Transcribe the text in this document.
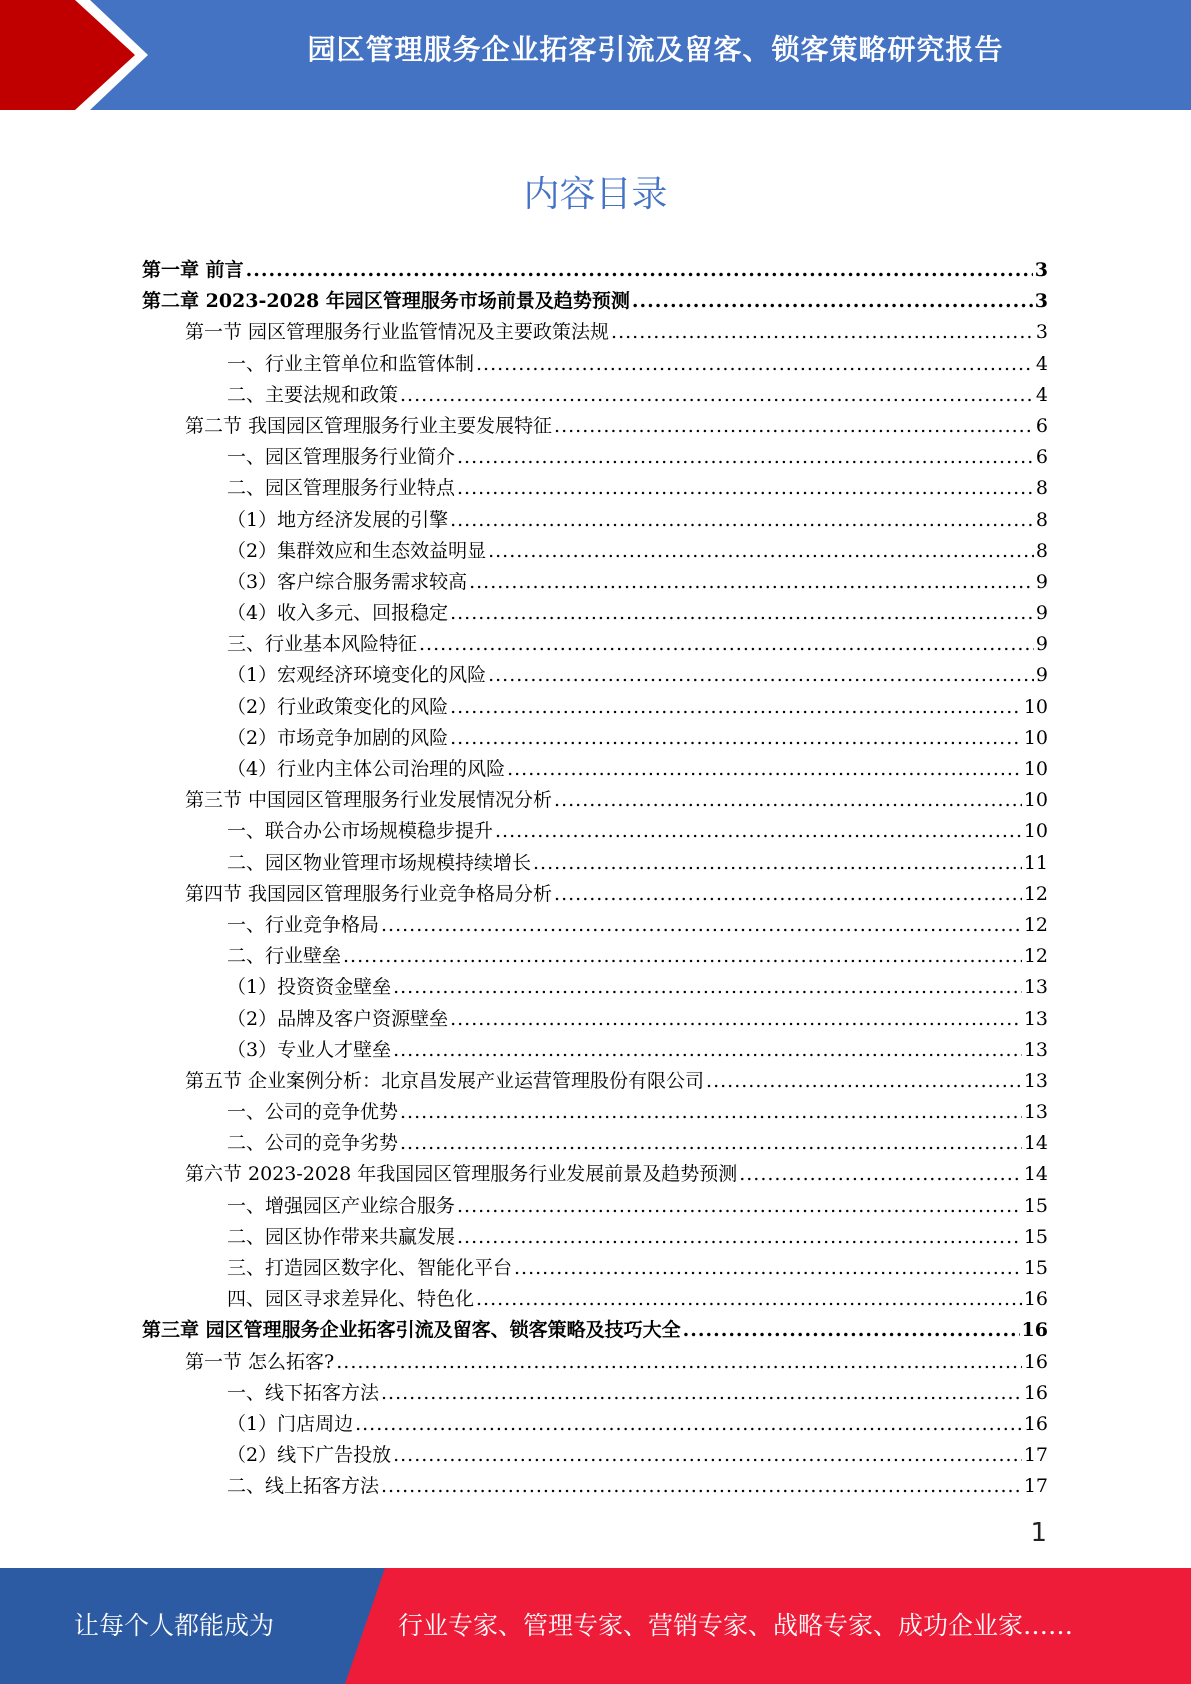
园区管理服务企业拓客引流及留客、锁客策略研究报告
内容目录
第一章 前言 .....	3
第二章 2023-2028 年园区管理服务市场前景及趋势预测 .....	3
第一节 园区管理服务行业监管情况及主要政策法规 .....	3
一、行业主管单位和监管体制 .....	4
二、主要法规和政策 .....	4
第二节 我国园区管理服务行业主要发展特征 .....	6
一、园区管理服务行业简介 .....	6
二、园区管理服务行业特点 .....	8
（1）地方经济发展的引擎 .....	8
（2）集群效应和生态效益明显 .....	8
（3）客户综合服务需求较高 .....	9
（4）收入多元、回报稳定 .....	9
三、行业基本风险特征 .....	9
（1）宏观经济环境变化的风险 .....	9
（2）行业政策变化的风险 .....	10
（2）市场竞争加剧的风险 .....	10
（4）行业内主体公司治理的风险 .....	10
第三节 中国园区管理服务行业发展情况分析 .....	10
一、联合办公市场规模稳步提升 .....	10
二、园区物业管理市场规模持续增长 .....	11
第四节 我国园区管理服务行业竞争格局分析 .....	12
一、行业竞争格局 .....	12
二、行业壁垒 .....	12
（1）投资资金壁垒 .....	13
（2）品牌及客户资源壁垒 .....	13
（3）专业人才壁垒 .....	13
第五节 企业案例分析：北京昌发展产业运营管理股份有限公司 .....	13
一、公司的竞争优势 .....	13
二、公司的竞争劣势 .....	14
第六节 2023-2028 年我国园区管理服务行业发展前景及趋势预测 .....	14
一、增强园区产业综合服务 .....	15
二、园区协作带来共赢发展 .....	15
三、打造园区数字化、智能化平台 .....	15
四、园区寻求差异化、特色化 .....	16
第三章 园区管理服务企业拓客引流及留客、锁客策略及技巧大全 .....	16
第一节 怎么拓客? .....	16
一、线下拓客方法 .....	16
（1）门店周边 .....	16
（2）线下广告投放 .....	17
二、线上拓客方法 .....	17
1
让每个人都能成为	行业专家、管理专家、营销专家、战略专家、成功企业家……
